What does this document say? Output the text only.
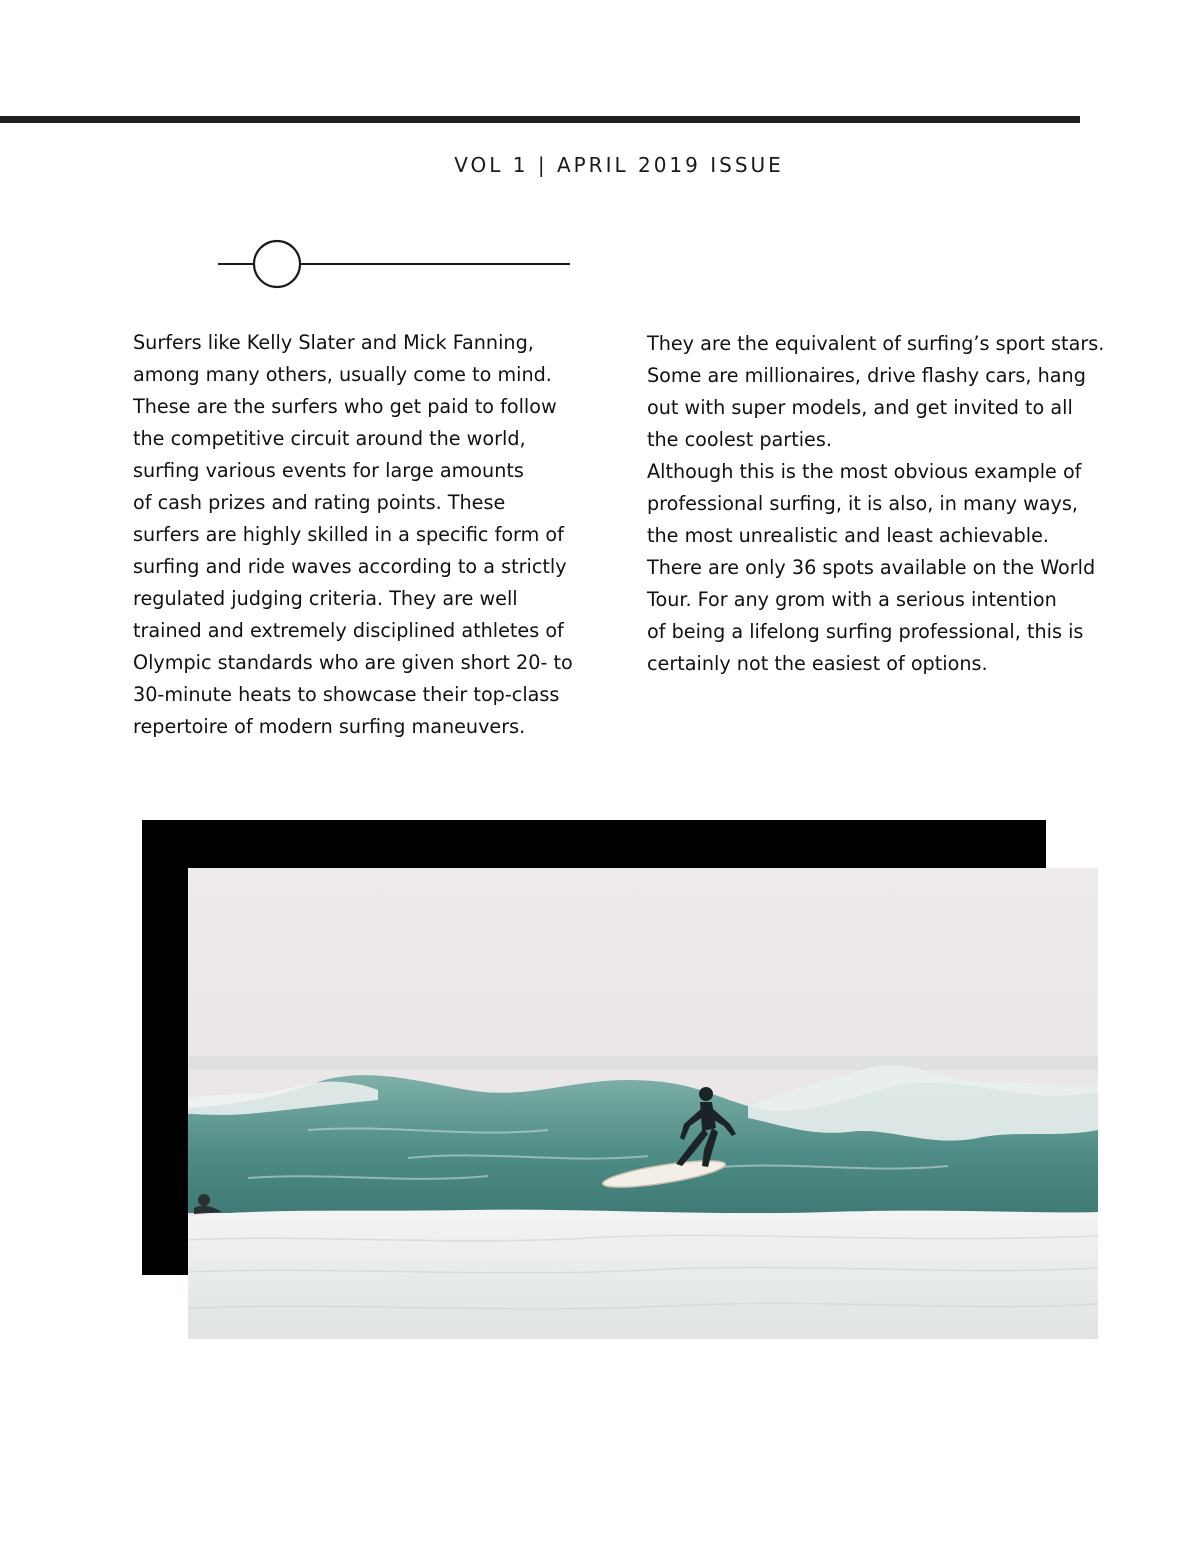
VOL 1 | APRIL 2019 ISSUE
Surfers like Kelly Slater and Mick Fanning,
among many others, usually come to mind.
These are the surfers who get paid to follow
the competitive circuit around the world,
surfing various events for large amounts
of cash prizes and rating points. These
surfers are highly skilled in a specific form of
surfing and ride waves according to a strictly
regulated judging criteria. They are well
trained and extremely disciplined athletes of
Olympic standards who are given short 20- to
30-minute heats to showcase their top-class
repertoire of modern surfing maneuvers.
They are the equivalent of surfing’s sport stars.
Some are millionaires, drive flashy cars, hang
out with super models, and get invited to all
the coolest parties.
Although this is the most obvious example of
professional surfing, it is also, in many ways,
the most unrealistic and least achievable.
There are only 36 spots available on the World
Tour. For any grom with a serious intention
of being a lifelong surfing professional, this is
certainly not the easiest of options.
